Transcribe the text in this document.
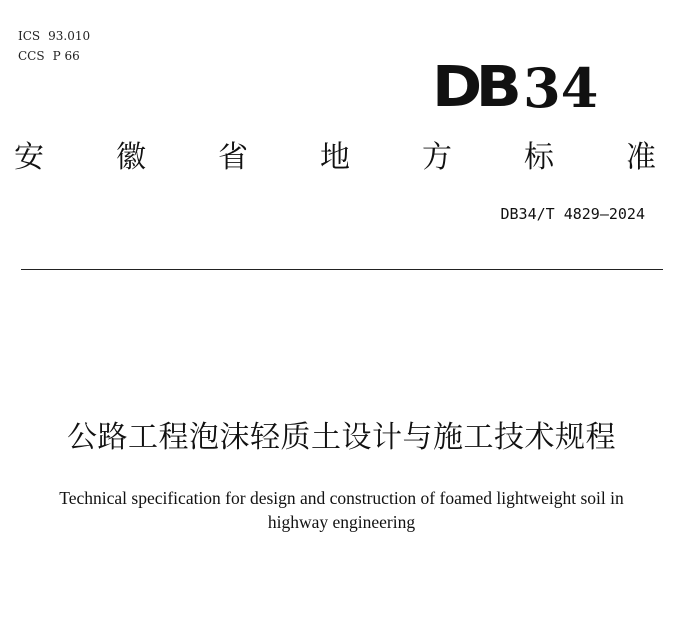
ICS 93.010
CCS P 66	DB 34
安 徽 省 地 方 标 准
DB34/T 4829—2024
公路工程泡沫轻质土设计与施工技术规程
Technical specification for design and construction of foamed lightweight soil in
highway engineering
